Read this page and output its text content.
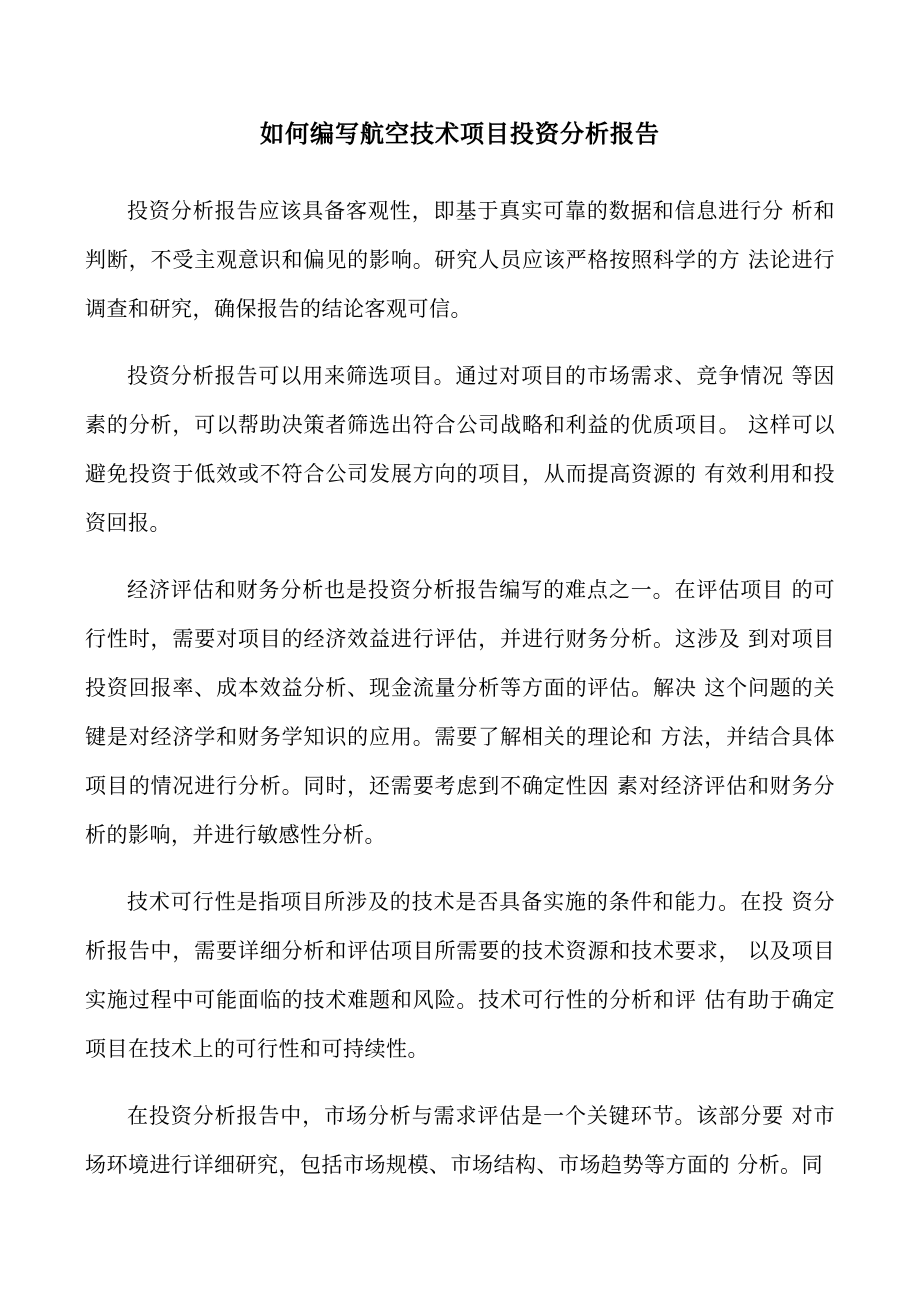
如何编写航空技术项目投资分析报告

投资分析报告应该具备客观性，即基于真实可靠的数据和信息进行分 析和判断，不受主观意识和偏见的影响。研究人员应该严格按照科学的方 法论进行调查和研究，确保报告的结论客观可信。

投资分析报告可以用来筛选项目。通过对项目的市场需求、竞争情况 等因素的分析，可以帮助决策者筛选出符合公司战略和利益的优质项目。 这样可以避免投资于低效或不符合公司发展方向的项目，从而提高资源的 有效利用和投资回报。

经济评估和财务分析也是投资分析报告编写的难点之一。在评估项目 的可行性时，需要对项目的经济效益进行评估，并进行财务分析。这涉及 到对项目投资回报率、成本效益分析、现金流量分析等方面的评估。解决 这个问题的关键是对经济学和财务学知识的应用。需要了解相关的理论和 方法，并结合具体项目的情况进行分析。同时，还需要考虑到不确定性因 素对经济评估和财务分析的影响，并进行敏感性分析。

技术可行性是指项目所涉及的技术是否具备实施的条件和能力。在投 资分析报告中，需要详细分析和评估项目所需要的技术资源和技术要求， 以及项目实施过程中可能面临的技术难题和风险。技术可行性的分析和评 估有助于确定项目在技术上的可行性和可持续性。

在投资分析报告中，市场分析与需求评估是一个关键环节。该部分要 对市场环境进行详细研究，包括市场规模、市场结构、市场趋势等方面的 分析。同
